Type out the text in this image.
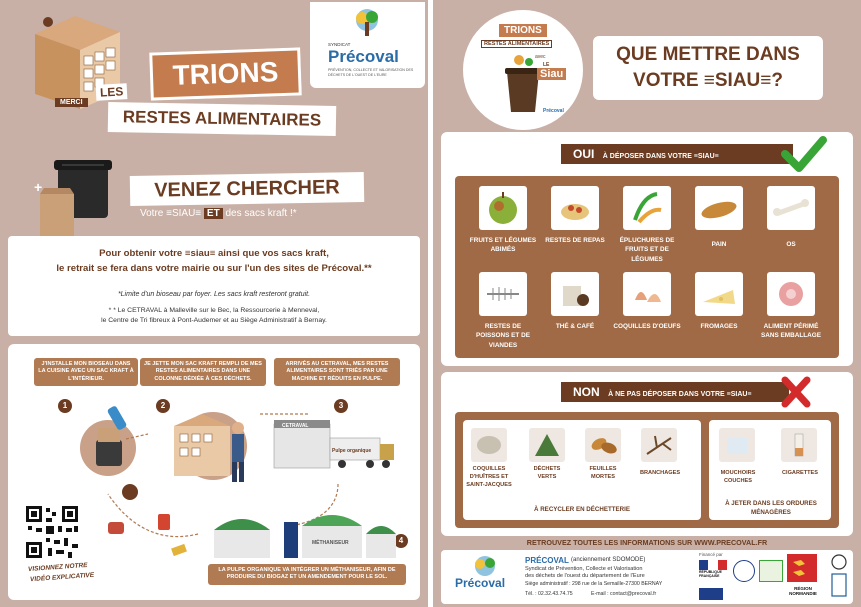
MERCI
SYNDICAT
Précoval
PRÉVENTION, COLLECTE ET VALORISATION DES DÉCHETS DE L'OUEST DE L'EURE
TRIONS
LES
RESTES ALIMENTAIRES
+	VENEZ CHERCHER
Votre ≡SIAU≡ ET des sacs kraft !*
Pour obtenir votre ≡siau≡ ainsi que vos sacs kraft,
le retrait se fera dans votre mairie ou sur l'un des sites de Précoval.**
*Limite d'un bioseau par foyer. Les sacs kraft resteront gratuit.
* * Le CETRAVAL à Malleville sur le Bec, la Ressourcerie à Menneval,
le Centre de Tri fibreux à Pont-Audemer et au Siège Administratif à Bernay.
J'INSTALLE MON BIOSEAU DANS LA CUISINE AVEC UN SAC KRAFT À L'INTÉRIEUR.
JE JETTE MON SAC KRAFT REMPLI DE MES RESTES ALIMENTAIRES DANS UNE COLONNE DÉDIÉE À CES DÉCHETS.
ARRIVÉS AU CETRAVAL, MES RESTES ALIMENTAIRES SONT TRIÉS PAR UNE MACHINE ET RÉDUITS EN PULPE.
1	2	3
4
CETRAVAL
Pulpe organique
VISIONNEZ NOTRE
VIDÉO EXPLICATIVE
MÉTHANISEUR
LA PULPE ORGANIQUE VA INTÉGRER UN MÉTHANISEUR, AFIN DE PRODUIRE DU BIOGAZ ET UN AMENDEMENT POUR LE SOL.
TRIONS
RESTES ALIMENTAIRES
avec
LE
Siau
Précoval
QUE METTRE DANS
VOTRE ≡SIAU≡?
OUI À DÉPOSER DANS VOTRE ≡SIAU≡
FRUITS ET LÉGUMES ABIMÉS
RESTES DE REPAS	ÉPLUCHURES DE FRUITS ET DE LÉGUMES
PAIN	OS
RESTES DE POISSONS ET DE VIANDES
THÉ & CAFÉ	COQUILLES D'OEUFS	FROMAGES	ALIMENT PÉRIMÉ SANS EMBALLAGE
NON À NE PAS DÉPOSER DANS VOTRE ≡SIAU≡
COQUILLES D'HUÎTRES ET SAINT-JACQUES
DÉCHETS VERTS
FEUILLES MORTES
BRANCHAGES
À RECYCLER EN DÉCHETTERIE
MOUCHOIRS COUCHES
CIGARETTES
À JETER DANS LES ORDURES MÉNAGÈRES
RETROUVEZ TOUTES LES INFORMATIONS SUR WWW.PRECOVAL.FR
Précoval
PRÉCOVAL (anciennement SDOMODE)
Syndicat de Prévention, Collecte et Valorisation
des déchets de l'ouest du département de l'Eure
Siège administratif : 298 rue de la Semaille-27300 BERNAY
Tél. : 02.32.43.74.75	E-mail : contact@precoval.fr
Financé par
RÉPUBLIQUE FRANÇAISE
RÉGION NORMANDIE
